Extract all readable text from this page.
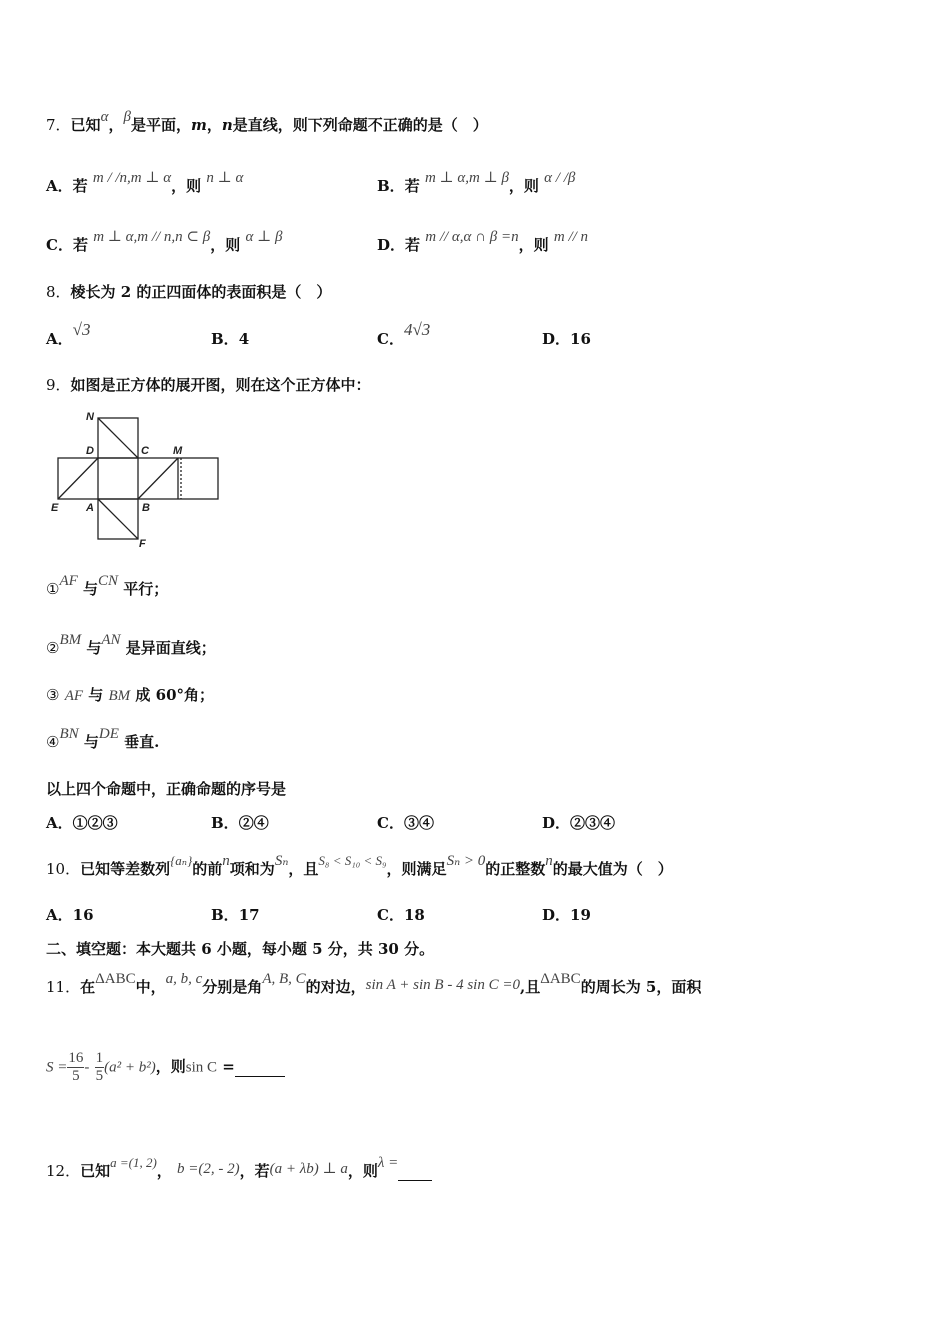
7．已知α，β是平面，m，n是直线，则下列命题不正确的是（　）
A．若 m / /n,m ⊥ α，则 n ⊥ α	B．若 m ⊥ α,m ⊥ β，则 α / /β
C．若 m ⊥ α,m // n,n ⊂ β，则 α ⊥ β	D．若 m // α,α ∩ β =n，则 m // n
8．棱长为 2 的正四面体的表面积是（　）
A．√3	B．4	C．4√3	D．16
9．如图是正方体的展开图，则在这个正方体中：
N
D	C M
E	A	B
F
①AF 与CN 平行；
②BM 与AN 是异面直线；
③ AF 与 BM 成 60°角；
④BN 与DE 垂直.
以上四个命题中，正确命题的序号是
A．①②③	B．②④	C．③④	D．②③④
10．已知等差数列{aₙ}的前n项和为Sₙ，且S₈ < S₁₀ < S₉，则满足Sₙ > 0的正整数n的最大值为（　）
A．16	B．17	C．18	D．19
二、填空题：本大题共 6 小题，每小题 5 分，共 30 分。
11．在ΔABC中，a, b, c分别是角A, B, C的对边，sin A + sin B - 4 sin C =0,且ΔABC的周长为 5，面积
$S = \frac{16}{5} - \frac{1}{5} (a^2 + b^2)$，则sin C =
12．已知a =(1, 2)， b =(2, - 2)，若(a + λb) ⊥ a，则λ =
